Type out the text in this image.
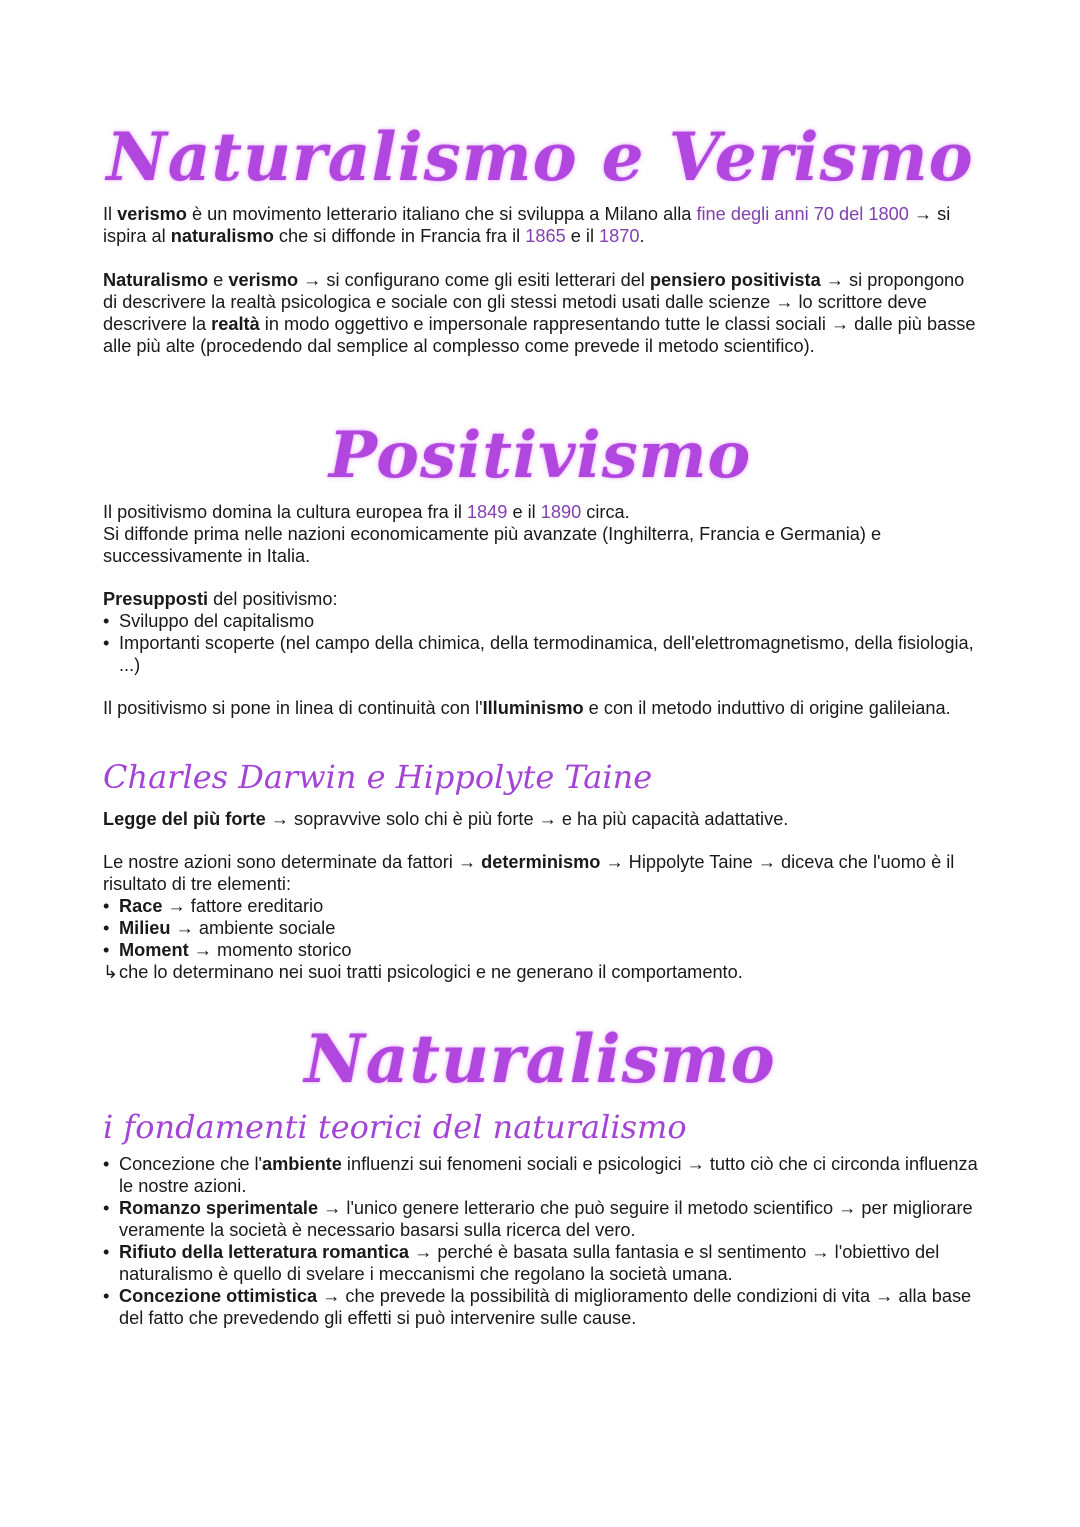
Naturalismo e Verismo

Il verismo è un movimento letterario italiano che si sviluppa a Milano alla fine degli anni 70 del 1800 → si ispira al naturalismo che si diffonde in Francia fra il 1865 e il 1870.

Naturalismo e verismo → si configurano come gli esiti letterari del pensiero positivista → si propongono di descrivere la realtà psicologica e sociale con gli stessi metodi usati dalle scienze → lo scrittore deve descrivere la realtà in modo oggettivo e impersonale rappresentando tutte le classi sociali → dalle più basse alle più alte (procedendo dal semplice al complesso come prevede il metodo scientifico).

Positivismo

Il positivismo domina la cultura europea fra il 1849 e il 1890 circa.
Si diffonde prima nelle nazioni economicamente più avanzate (Inghilterra, Francia e Germania) e successivamente in Italia.

Presupposti del positivismo:
• Sviluppo del capitalismo
• Importanti scoperte (nel campo della chimica, della termodinamica, dell'elettromagnetismo, della fisiologia, ...)

Il positivismo si pone in linea di continuità con l'Illuminismo e con il metodo induttivo di origine galileiana.

Charles Darwin e Hippolyte Taine

Legge del più forte → sopravvive solo chi è più forte → e ha più capacità adattative.

Le nostre azioni sono determinate da fattori → determinismo → Hippolyte Taine → diceva che l'uomo è il risultato di tre elementi:
• Race → fattore ereditario
• Milieu → ambiente sociale
• Moment → momento storico
↳che lo determinano nei suoi tratti psicologici e ne generano il comportamento.
Naturalismo
i fondamenti teorici del naturalismo
• Concezione che l'ambiente influenzi sui fenomeni sociali e psicologici → tutto ciò che ci circonda influenza le nostre azioni.
• Romanzo sperimentale → l'unico genere letterario che può seguire il metodo scientifico → per migliorare veramente la società è necessario basarsi sulla ricerca del vero.
• Rifiuto della letteratura romantica → perché è basata sulla fantasia e sl sentimento → l'obiettivo del naturalismo è quello di svelare i meccanismi che regolano la società umana.
• Concezione ottimistica → che prevede la possibilità di miglioramento delle condizioni di vita → alla base del fatto che prevedendo gli effetti si può intervenire sulle cause.
